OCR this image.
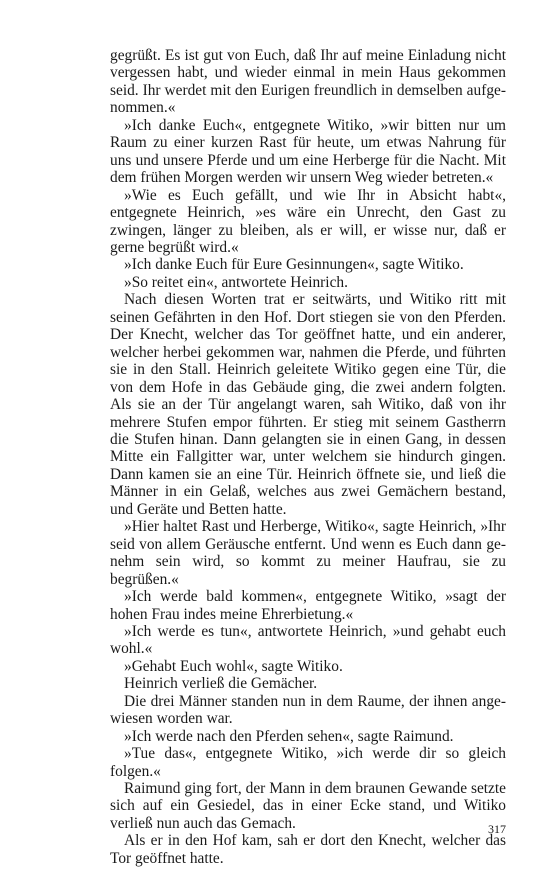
gegrüßt. Es ist gut von Euch, daß Ihr auf meine Einladung nicht vergessen habt, und wieder einmal in mein Haus gekommen seid. Ihr werdet mit den Eurigen freundlich in demselben aufgenommen.«

»Ich danke Euch«, entgegnete Witiko, »wir bitten nur um Raum zu einer kurzen Rast für heute, um etwas Nahrung für uns und unsere Pferde und um eine Herberge für die Nacht. Mit dem frühen Morgen werden wir unsern Weg wieder betreten.«

»Wie es Euch gefällt, und wie Ihr in Absicht habt«, entgegnete Heinrich, »es wäre ein Unrecht, den Gast zu zwingen, länger zu bleiben, als er will, er wisse nur, daß er gerne begrüßt wird.«

»Ich danke Euch für Eure Gesinnungen«, sagte Witiko.

»So reitet ein«, antwortete Heinrich.

Nach diesen Worten trat er seitwärts, und Witiko ritt mit seinen Gefährten in den Hof. Dort stiegen sie von den Pferden. Der Knecht, welcher das Tor geöffnet hatte, und ein anderer, welcher herbei gekommen war, nahmen die Pferde, und führten sie in den Stall. Heinrich geleitete Witiko gegen eine Tür, die von dem Hofe in das Gebäude ging, die zwei andern folgten. Als sie an der Tür angelangt waren, sah Witiko, daß von ihr mehrere Stufen empor führten. Er stieg mit seinem Gastherrn die Stufen hinan. Dann gelangten sie in einen Gang, in dessen Mitte ein Fallgitter war, unter welchem sie hindurch gingen. Dann kamen sie an eine Tür. Heinrich öffnete sie, und ließ die Männer in ein Gelaß, welches aus zwei Gemächern bestand, und Geräte und Betten hatte.

»Hier haltet Rast und Herberge, Witiko«, sagte Heinrich, »Ihr seid von allem Geräusche entfernt. Und wenn es Euch dann genehm sein wird, so kommt zu meiner Haufrau, sie zu begrüßen.«

»Ich werde bald kommen«, entgegnete Witiko, »sagt der hohen Frau indes meine Ehrerbietung.«

»Ich werde es tun«, antwortete Heinrich, »und gehabt euch wohl.«

»Gehabt Euch wohl«, sagte Witiko.

Heinrich verließ die Gemächer.

Die drei Männer standen nun in dem Raume, der ihnen angewiesen worden war.

»Ich werde nach den Pferden sehen«, sagte Raimund.

»Tue das«, entgegnete Witiko, »ich werde dir so gleich folgen.«

Raimund ging fort, der Mann in dem braunen Gewande setzte sich auf ein Gesiedel, das in einer Ecke stand, und Witiko verließ nun auch das Gemach.

Als er in den Hof kam, sah er dort den Knecht, welcher das Tor geöffnet hatte.

317
